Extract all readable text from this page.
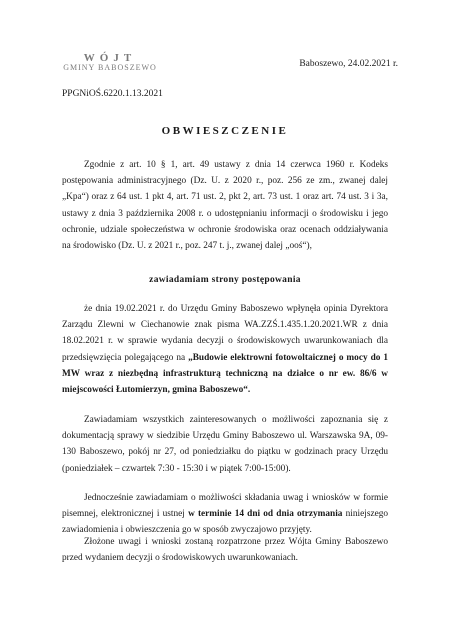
WÓJT
GMINY BABOSZEWO	Baboszewo, 24.02.2021 r.
PPGNiOŚ.6220.1.13.2021
OBWIESZCZENIE

Zgodnie z art. 10 § 1, art. 49 ustawy z dnia 14 czerwca 1960 r. Kodeks postępowania administracyjnego (Dz. U. z 2020 r., poz. 256 ze zm., zwanej dalej „Kpa“) oraz z 64 ust. 1 pkt 4, art. 71 ust. 2, pkt 2, art. 73 ust. 1 oraz art. 74 ust. 3 i 3a, ustawy z dnia 3 października 2008 r. o udostępnianiu informacji o środowisku i jego ochronie, udziale społeczeństwa w ochronie środowiska oraz ocenach oddziaływania na środowisko (Dz. U. z 2021 r., poz. 247 t. j., zwanej dalej „ooś“),

zawiadamiam strony postępowania

że dnia 19.02.2021 r. do Urzędu Gminy Baboszewo wpłynęła opinia Dyrektora Zarządu Zlewni w Ciechanowie znak pisma WA.ZZŚ.1.435.1.20.2021.WR z dnia 18.02.2021 r. w sprawie wydania decyzji o środowiskowych uwarunkowaniach dla przedsięwzięcia polegającego na „Budowie elektrowni fotowoltaicznej o mocy do 1 MW wraz z niezbędną infrastrukturą techniczną na działce o nr ew. 86/6 w miejscowości Łutomierzyn, gmina Baboszewo“.

Zawiadamiam wszystkich zainteresowanych o możliwości zapoznania się z dokumentacją sprawy w siedzibie Urzędu Gminy Baboszewo ul. Warszawska 9A, 09-130 Baboszewo, pokój nr 27, od poniedziałku do piątku w godzinach pracy Urzędu (poniedziałek – czwartek 7:30 - 15:30 i w piątek 7:00-15:00).

Jednocześnie zawiadamiam o możliwości składania uwag i wniosków w formie pisemnej, elektronicznej i ustnej w terminie 14 dni od dnia otrzymania niniejszego zawiadomienia i obwieszczenia go w sposób zwyczajowo przyjęty.

Złożone uwagi i wnioski zostaną rozpatrzone przez Wójta Gminy Baboszewo przed wydaniem decyzji o środowiskowych uwarunkowaniach.
